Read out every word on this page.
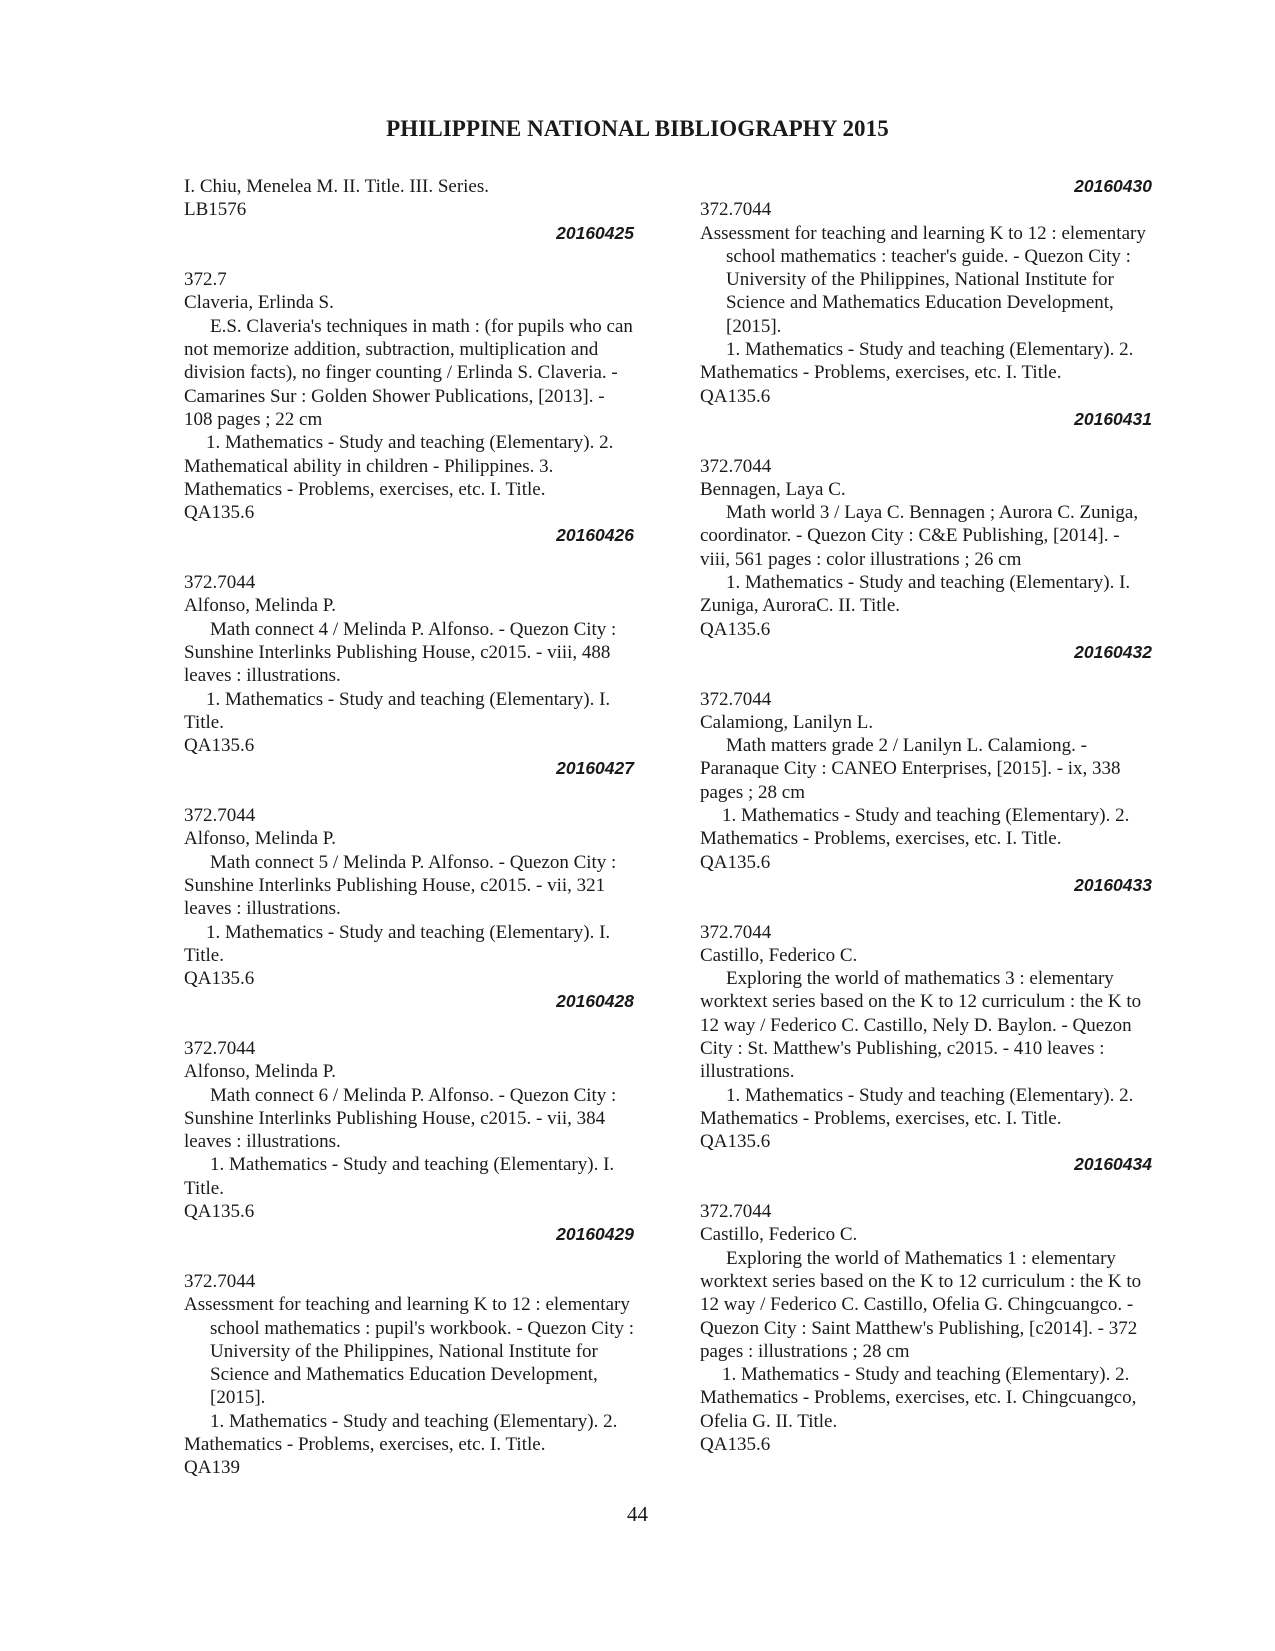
PHILIPPINE NATIONAL BIBLIOGRAPHY 2015
I. Chiu, Menelea M. II. Title. III. Series.
LB1576
20160425
372.7
Claveria, Erlinda S.
E.S. Claveria's techniques in math : (for pupils who can
not memorize addition, subtraction, multiplication and
division facts), no finger counting / Erlinda S. Claveria. -
Camarines Sur : Golden Shower Publications, [2013]. -
108 pages ; 22 cm
1. Mathematics - Study and teaching (Elementary). 2.
Mathematical ability in children - Philippines. 3.
Mathematics - Problems, exercises, etc. I. Title.
QA135.6
20160426
372.7044
Alfonso, Melinda P.
Math connect 4 / Melinda P. Alfonso. - Quezon City :
Sunshine Interlinks Publishing House, c2015. - viii, 488
leaves : illustrations.
1. Mathematics - Study and teaching (Elementary). I.
Title.
QA135.6
20160427
372.7044
Alfonso, Melinda P.
Math connect 5 / Melinda P. Alfonso. - Quezon City :
Sunshine Interlinks Publishing House, c2015. - vii, 321
leaves : illustrations.
1. Mathematics - Study and teaching (Elementary). I.
Title.
QA135.6
20160428
372.7044
Alfonso, Melinda P.
Math connect 6 / Melinda P. Alfonso. - Quezon City :
Sunshine Interlinks Publishing House, c2015. - vii, 384
leaves : illustrations.
1. Mathematics - Study and teaching (Elementary). I.
Title.
QA135.6
20160429
372.7044
Assessment for teaching and learning K to 12 : elementary
school mathematics : pupil's workbook. - Quezon City :
University of the Philippines, National Institute for
Science and Mathematics Education Development,
[2015].
1. Mathematics - Study and teaching (Elementary). 2.
Mathematics - Problems, exercises, etc. I. Title.
QA139
20160430
372.7044
Assessment for teaching and learning K to 12 : elementary
school mathematics : teacher's guide. - Quezon City :
University of the Philippines, National Institute for
Science and Mathematics Education Development,
[2015].
1. Mathematics - Study and teaching (Elementary). 2.
Mathematics - Problems, exercises, etc. I. Title.
QA135.6
20160431
372.7044
Bennagen, Laya C.
Math world 3 / Laya C. Bennagen ; Aurora C. Zuniga,
coordinator. - Quezon City : C&E Publishing, [2014]. -
viii, 561 pages : color illustrations ; 26 cm
1. Mathematics - Study and teaching (Elementary). I.
Zuniga, AuroraC. II. Title.
QA135.6
20160432
372.7044
Calamiong, Lanilyn L.
Math matters grade 2 / Lanilyn L. Calamiong. -
Paranaque City : CANEO Enterprises, [2015]. - ix, 338
pages ; 28 cm
1. Mathematics - Study and teaching (Elementary). 2.
Mathematics - Problems, exercises, etc. I. Title.
QA135.6
20160433
372.7044
Castillo, Federico C.
Exploring the world of mathematics 3 : elementary
worktext series based on the K to 12 curriculum : the K to
12 way / Federico C. Castillo, Nely D. Baylon. - Quezon
City : St. Matthew's Publishing, c2015. - 410 leaves :
illustrations.
1. Mathematics - Study and teaching (Elementary). 2.
Mathematics - Problems, exercises, etc. I. Title.
QA135.6
20160434
372.7044
Castillo, Federico C.
Exploring the world of Mathematics 1 : elementary
worktext series based on the K to 12 curriculum : the K to
12 way / Federico C. Castillo, Ofelia G. Chingcuangco. -
Quezon City : Saint Matthew's Publishing, [c2014]. - 372
pages : illustrations ; 28 cm
1. Mathematics - Study and teaching (Elementary). 2.
Mathematics - Problems, exercises, etc. I. Chingcuangco,
Ofelia G. II. Title.
QA135.6
44
